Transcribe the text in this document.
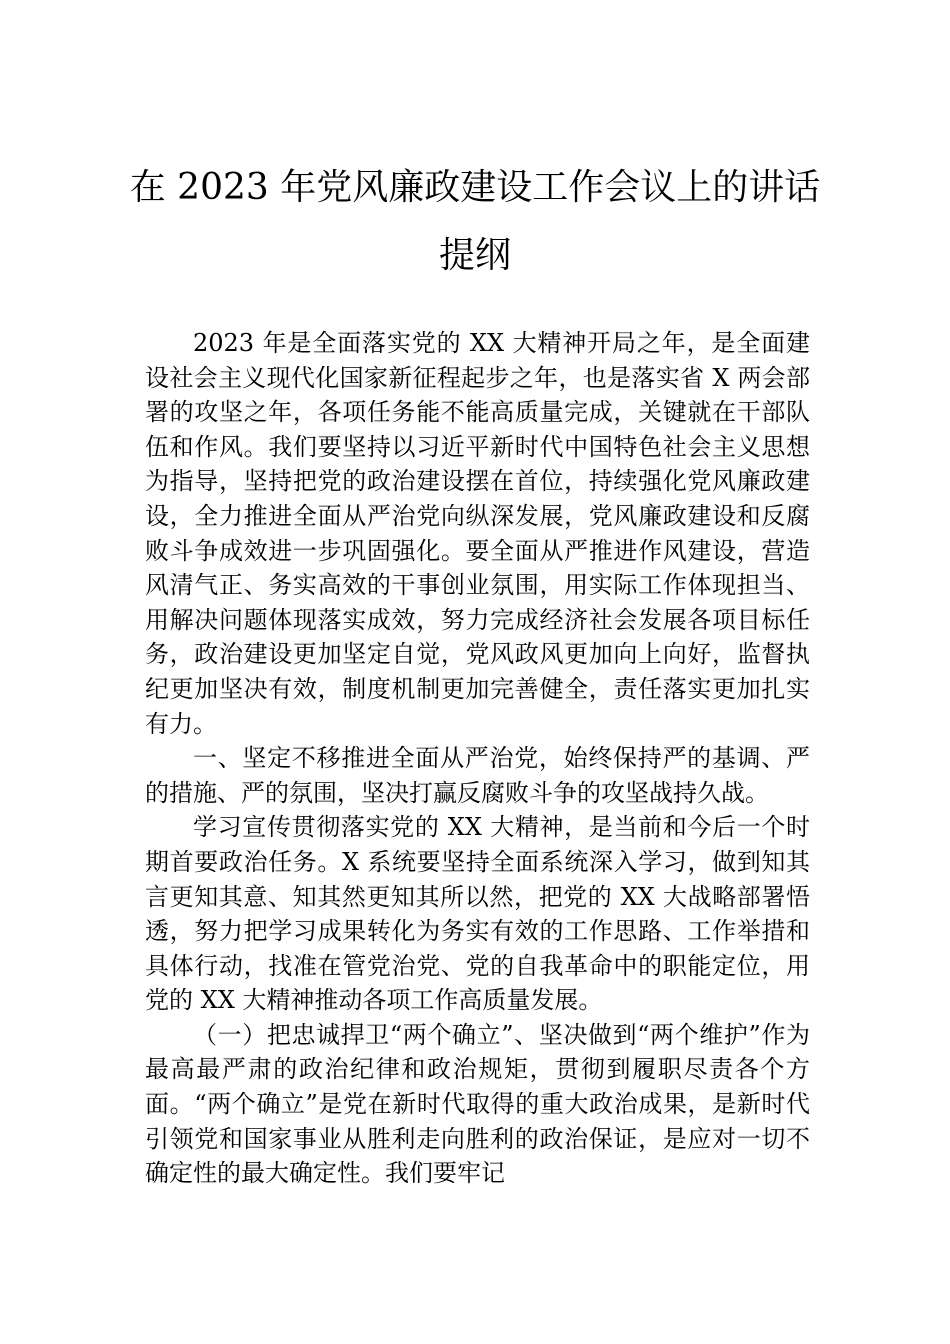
在 2023 年党风廉政建设工作会议上的讲话
提纲

2023 年是全面落实党的 XX 大精神开局之年，是全面建设社会主义现代化国家新征程起步之年，也是落实省 X 两会部署的攻坚之年，各项任务能不能高质量完成，关键就在干部队伍和作风。我们要坚持以习近平新时代中国特色社会主义思想为指导，坚持把党的政治建设摆在首位，持续强化党风廉政建设，全力推进全面从严治党向纵深发展，党风廉政建设和反腐败斗争成效进一步巩固强化。要全面从严推进作风建设，营造风清气正、务实高效的干事创业氛围，用实际工作体现担当、用解决问题体现落实成效，努力完成经济社会发展各项目标任务，政治建设更加坚定自觉，党风政风更加向上向好，监督执纪更加坚决有效，制度机制更加完善健全，责任落实更加扎实有力。

一、坚定不移推进全面从严治党，始终保持严的基调、严的措施、严的氛围，坚决打赢反腐败斗争的攻坚战持久战。

学习宣传贯彻落实党的 XX 大精神，是当前和今后一个时期首要政治任务。X 系统要坚持全面系统深入学习，做到知其言更知其意、知其然更知其所以然，把党的 XX 大战略部署悟透，努力把学习成果转化为务实有效的工作思路、工作举措和具体行动，找准在管党治党、党的自我革命中的职能定位，用党的 XX 大精神推动各项工作高质量发展。

（一）把忠诚捍卫“两个确立”、坚决做到“两个维护”作为最高最严肃的政治纪律和政治规矩，贯彻到履职尽责各个方面。“两个确立”是党在新时代取得的重大政治成果，是新时代引领党和国家事业从胜利走向胜利的政治保证，是应对一切不确定性的最大确定性。我们要牢记
